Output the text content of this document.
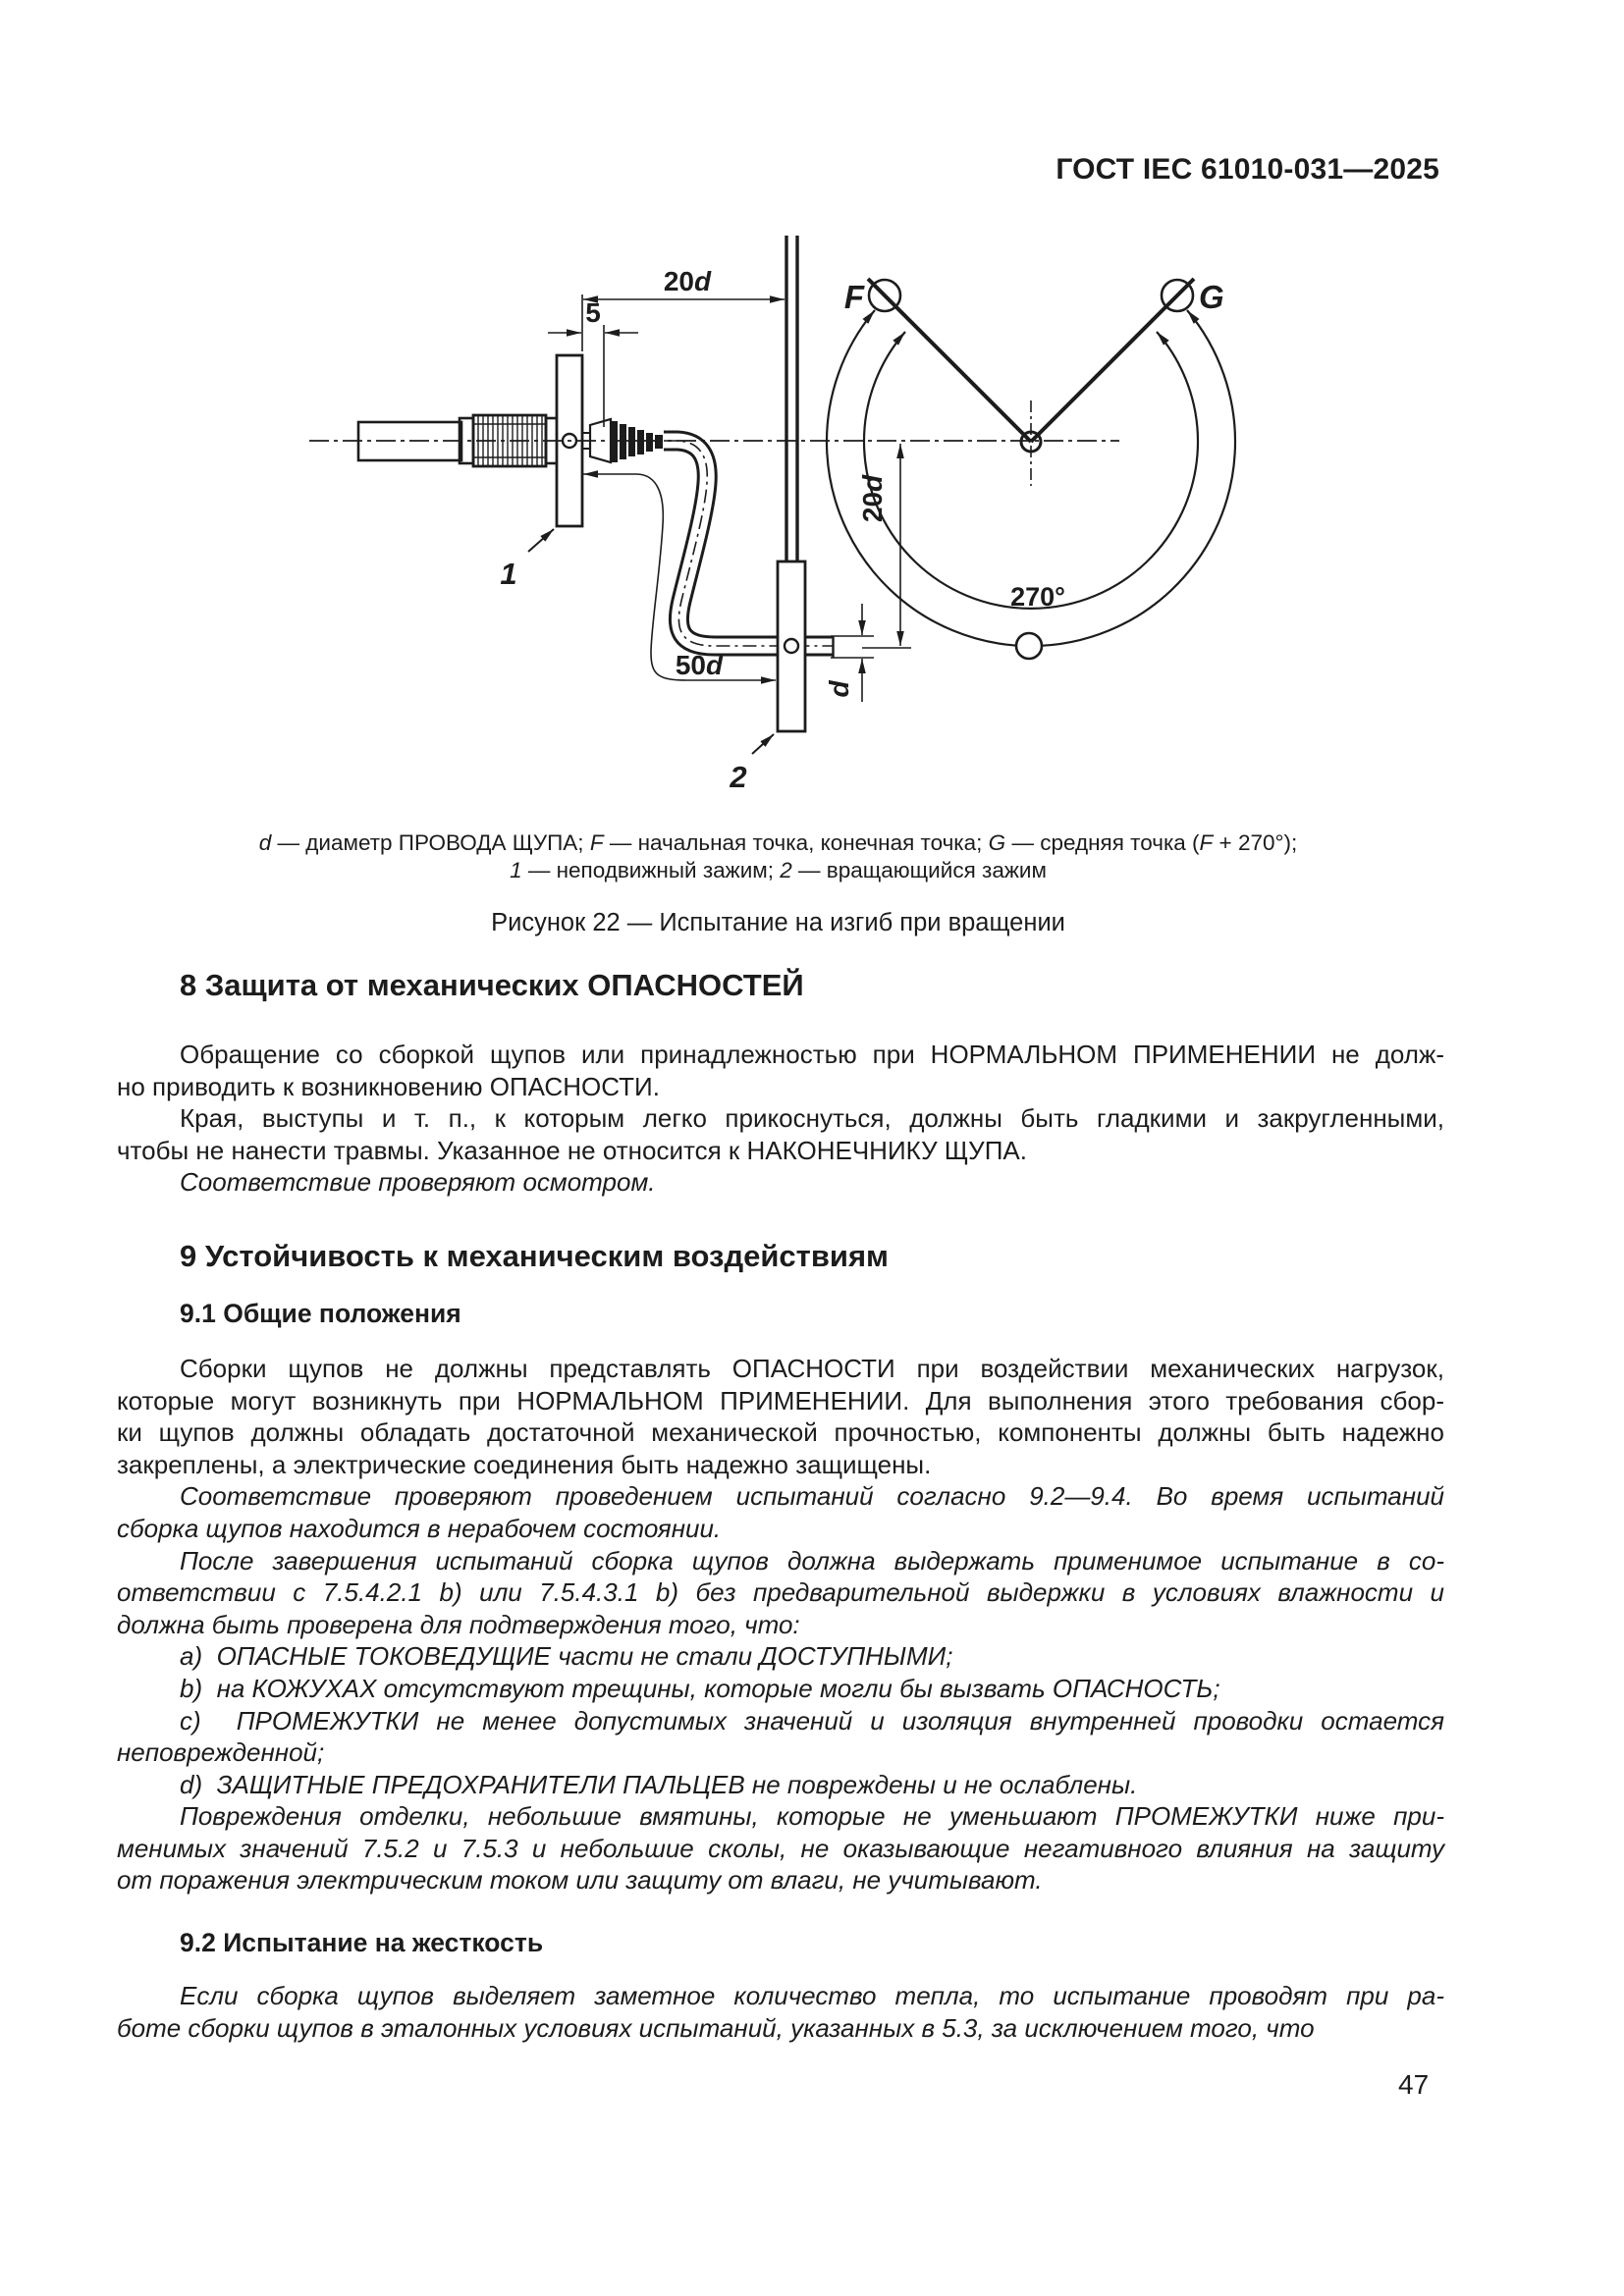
ГОСТ IEC 61010-031—2025
270°
F	G
20d
5
50d
d
20d
1
2
d — диаметр ПРОВОДА ЩУПА; F — начальная точка, конечная точка; G — средняя точка (F + 270°);
1 — неподвижный зажим; 2 — вращающийся зажим
Рисунок 22 — Испытание на изгиб при вращении
8 Защита от механических ОПАСНОСТЕЙ
Обращение со сборкой щупов или принадлежностью при НОРМАЛЬНОМ ПРИМЕНЕНИИ не долж-
но приводить к возникновению ОПАСНОСТИ.
Края, выступы и т. п., к которым легко прикоснуться, должны быть гладкими и закругленными,
чтобы не нанести травмы. Указанное не относится к НАКОНЕЧНИКУ ЩУПА.
Соответствие проверяют осмотром.
9 Устойчивость к механическим воздействиям
9.1 Общие положения
Сборки щупов не должны представлять ОПАСНОСТИ при воздействии механических нагрузок,
которые могут возникнуть при НОРМАЛЬНОМ ПРИМЕНЕНИИ. Для выполнения этого требования сбор-
ки щупов должны обладать достаточной механической прочностью, компоненты должны быть надежно
закреплены, а электрические соединения быть надежно защищены.
Соответствие проверяют проведением испытаний согласно 9.2—9.4. Во время испытаний
сборка щупов находится в нерабочем состоянии.
После завершения испытаний сборка щупов должна выдержать применимое испытание в со-
ответствии с 7.5.4.2.1 b) или 7.5.4.3.1 b) без предварительной выдержки в условиях влажности и
должна быть проверена для подтверждения того, что:
a)  ОПАСНЫЕ ТОКОВЕДУЩИЕ части не стали ДОСТУПНЫМИ;
b)  на КОЖУХАХ отсутствуют трещины, которые могли бы вызвать ОПАСНОСТЬ;
c)  ПРОМЕЖУТКИ не менее допустимых значений и изоляция внутренней проводки остается
неповрежденной;
d)  ЗАЩИТНЫЕ ПРЕДОХРАНИТЕЛИ ПАЛЬЦЕВ не повреждены и не ослаблены.
Повреждения отделки, небольшие вмятины, которые не уменьшают ПРОМЕЖУТКИ ниже при-
менимых значений 7.5.2 и 7.5.3 и небольшие сколы, не оказывающие негативного влияния на защиту
от поражения электрическим током или защиту от влаги, не учитывают.
9.2 Испытание на жесткость
Если сборка щупов выделяет заметное количество тепла, то испытание проводят при ра-
боте сборки щупов в эталонных условиях испытаний, указанных в 5.3, за исключением того, что
47
